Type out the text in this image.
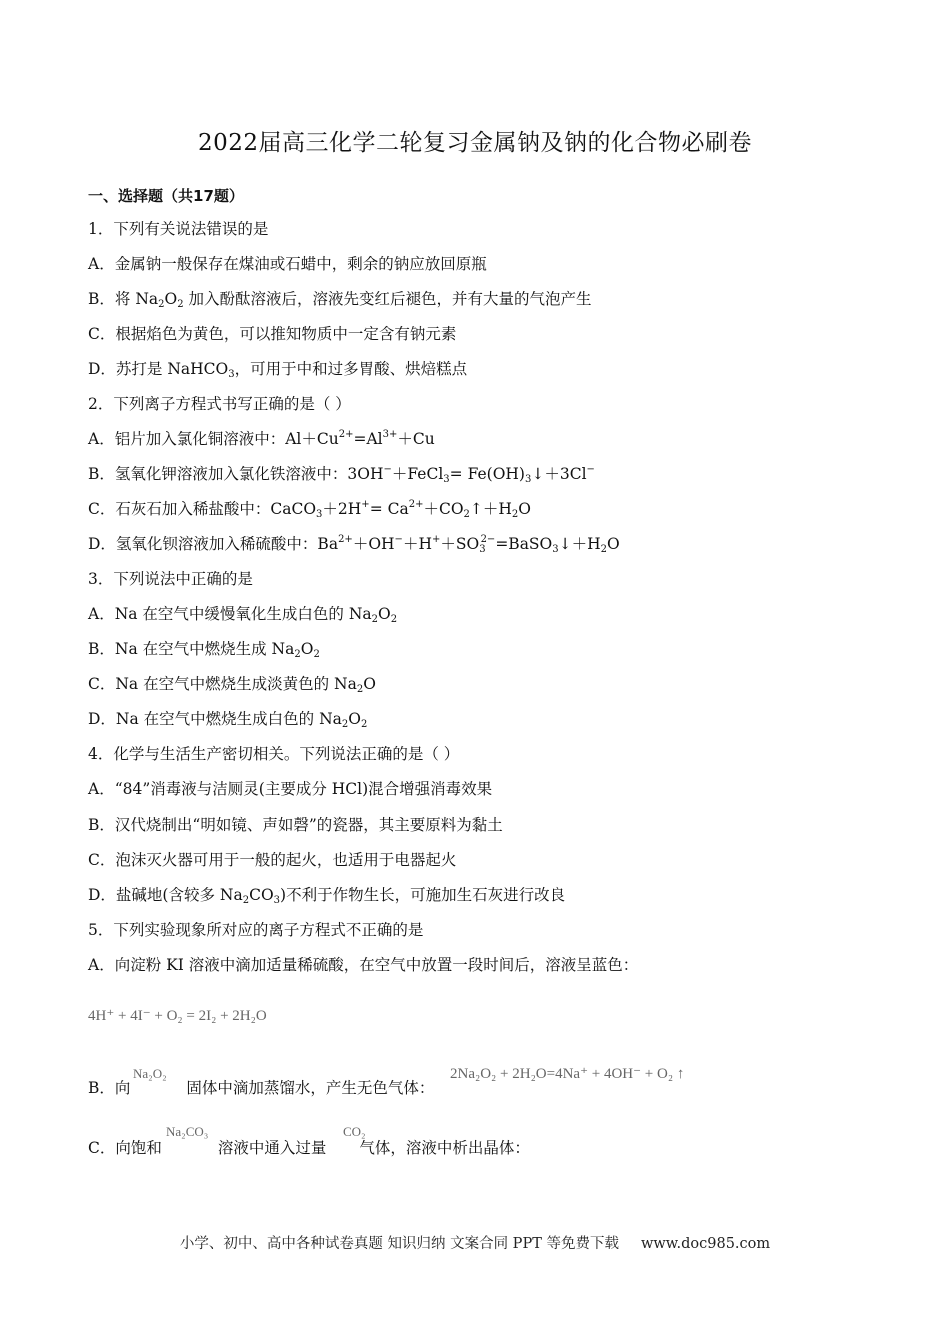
2022届高三化学二轮复习金属钠及钠的化合物必刷卷
一、选择题（共17题）
1．下列有关说法错误的是
A．金属钠一般保存在煤油或石蜡中，剩余的钠应放回原瓶
B．将 $Na_2O_2$ 加入酚酞溶液后，溶液先变红后褪色，并有大量的气泡产生
C．根据焰色为黄色，可以推知物质中一定含有钠元素
D．苏打是 NaHCO$_3$，可用于中和过多胃酸、烘焙糕点
2．下列离子方程式书写正确的是（ ）
A．铝片加入氯化铜溶液中：$Al+Cu^{2+}=Al^{3+}+Cu$
B．氢氧化钾溶液加入氯化铁溶液中：3OH−＋FeCl$_3$= $Fe(OH)_3↓+3Cl^-$
C．石灰石加入稀盐酸中：CaCO$_3$＋2H+= $Ca^{2+}+CO_2↑+H_2O$
D．氢氧化钡溶液加入稀硫酸中：$Ba^{2+}+OH^-+H^++SO_3^{2-}=BaSO_3↓+H_2O$
3．下列说法中正确的是
A．Na 在空气中缓慢氧化生成白色的 $Na_2O_2$
B．Na 在空气中燃烧生成 $Na_2O_2$
C．Na 在空气中燃烧生成淡黄色的 $Na_2O$
D．Na 在空气中燃烧生成白色的 $Na_2O_2$
4．化学与生活生产密切相关。下列说法正确的是（ ）
A．“84”消毒液与洁厕灵(主要成分 HCl)混合增强消毒效果
B．汉代烧制出“明如镜、声如磬”的瓷器，其主要原料为黏土
C．泡沫灭火器可用于一般的起火，也适用于电器起火
D．盐碱地(含较多 $Na_2CO_3$)不利于作物生长，可施加生石灰进行改良
5．下列实验现象所对应的离子方程式不正确的是
A．向淀粉 KI 溶液中滴加适量稀硫酸，在空气中放置一段时间后，溶液呈蓝色：
4H⁺ + 4I⁻ + O₂ = 2I₂ + 2H₂O
B．向	固体中滴加蒸馏水，产生无色气体：
Na₂O₂	2Na₂O₂ + 2H₂O=4Na⁺ + 4OH⁻ + O₂ ↑
C．向饱和	溶液中通入过量 气体，溶液中析出晶体：
Na₂CO₃	CO₂
小学、初中、高中各种试卷真题 知识归纳 文案合同 PPT 等免费下载 www.doc985.com
